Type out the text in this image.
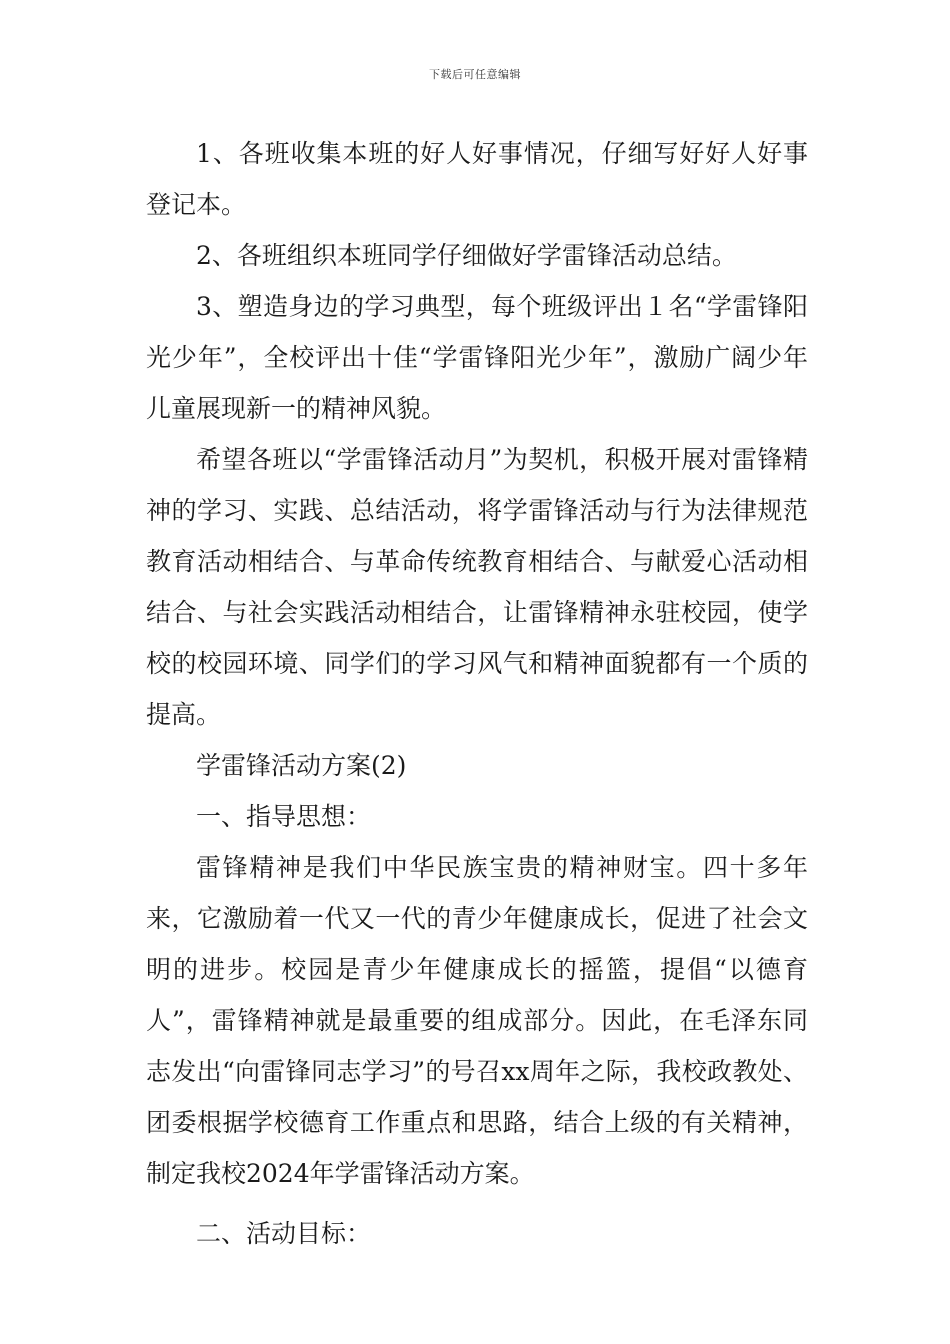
下载后可任意编辑

1、各班收集本班的好人好事情况，仔细写好好人好事登记本。

2、各班组织本班同学仔细做好学雷锋活动总结。

3、塑造身边的学习典型，每个班级评出１名“学雷锋阳光少年”，全校评出十佳“学雷锋阳光少年”，激励广阔少年儿童展现新一的精神风貌。

希望各班以“学雷锋活动月”为契机，积极开展对雷锋精神的学习、实践、总结活动，将学雷锋活动与行为法律规范教育活动相结合、与革命传统教育相结合、与献爱心活动相结合、与社会实践活动相结合，让雷锋精神永驻校园，使学校的校园环境、同学们的学习风气和精神面貌都有一个质的提高。

学雷锋活动方案(2)

一、指导思想：

雷锋精神是我们中华民族宝贵的精神财宝。四十多年来，它激励着一代又一代的青少年健康成长，促进了社会文明的进步。校园是青少年健康成长的摇篮，提倡“以德育人”，雷锋精神就是最重要的组成部分。因此，在毛泽东同志发出“向雷锋同志学习”的号召xx周年之际，我校政教处、团委根据学校德育工作重点和思路，结合上级的有关精神，制定我校2024年学雷锋活动方案。

二、活动目标：
